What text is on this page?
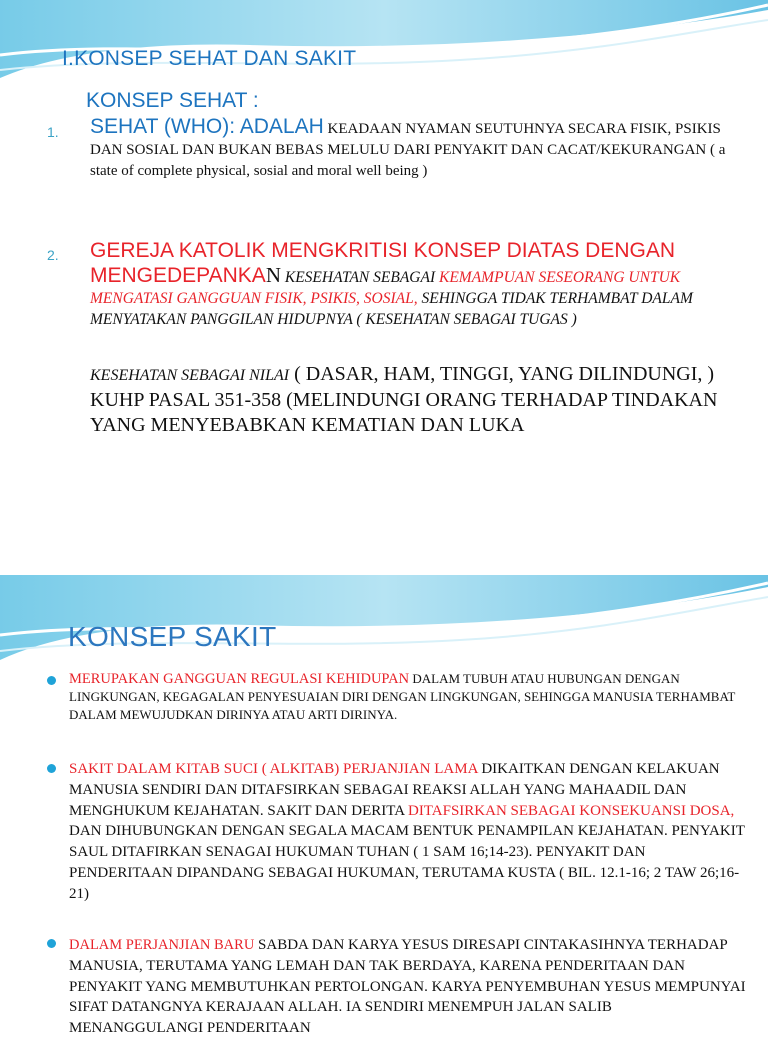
I.KONSEP SEHAT DAN SAKIT
KONSEP SEHAT :
1. SEHAT (WHO): ADALAH KEADAAN NYAMAN SEUTUHNYA SECARA FISIK, PSIKIS DAN SOSIAL DAN BUKAN BEBAS MELULU DARI PENYAKIT DAN CACAT/KEKURANGAN ( a state of complete physical, sosial and moral well being )
2. GEREJA KATOLIK MENGKRITISI KONSEP DIATAS DENGAN MENGEDEPANKAN KESEHATAN SEBAGAI KEMAMPUAN SESEORANG UNTUK MENGATASI GANGGUAN FISIK, PSIKIS, SOSIAL, SEHINGGA TIDAK TERHAMBAT DALAM MENYATAKAN PANGGILAN HIDUPNYA ( KESEHATAN SEBAGAI TUGAS )
KESEHATAN SEBAGAI NILAI ( DASAR, HAM, TINGGI, YANG DILINDUNGI, ) KUHP PASAL 351-358 (MELINDUNGI ORANG TERHADAP TINDAKAN YANG MENYEBABKAN KEMATIAN DAN LUKA
KONSEP SAKIT
MERUPAKAN GANGGUAN REGULASI KEHIDUPAN DALAM TUBUH ATAU HUBUNGAN DENGAN LINGKUNGAN, KEGAGALAN PENYESUAIAN DIRI DENGAN LINGKUNGAN, SEHINGGA MANUSIA TERHAMBAT DALAM MEWUJUDKAN DIRINYA ATAU ARTI DIRINYA.
SAKIT DALAM KITAB SUCI ( ALKITAB) PERJANJIAN LAMA DIKAITKAN DENGAN KELAKUAN MANUSIA SENDIRI DAN DITAFSIRKAN SEBAGAI REAKSI ALLAH YANG MAHAADIL DAN MENGHUKUM KEJAHATAN. SAKIT DAN DERITA DITAFSIRKAN SEBAGAI KONSEKUANSI DOSA, DAN DIHUBUNGKAN DENGAN SEGALA MACAM BENTUK PENAMPILAN KEJAHATAN. PENYAKIT SAUL DITAFIRKAN SENAGAI HUKUMAN TUHAN ( 1 SAM 16;14-23). PENYAKIT DAN PENDERITAAN DIPANDANG SEBAGAI HUKUMAN, TERUTAMA KUSTA ( BIL. 12.1-16; 2 TAW 26;16-21)
DALAM PERJANJIAN BARU SABDA DAN KARYA YESUS DIRESAPI CINTAKASIHNYA TERHADAP MANUSIA, TERUTAMA YANG LEMAH DAN TAK BERDAYA, KARENA PENDERITAAN DAN PENYAKIT YANG MEMBUTUHKAN PERTOLONGAN. KARYA PENYEMBUHAN YESUS MEMPUNYAI SIFAT DATANGNYA KERAJAAN ALLAH. IA SENDIRI MENEMPUH JALAN SALIB MENANGGULANGI PENDERITAAN
